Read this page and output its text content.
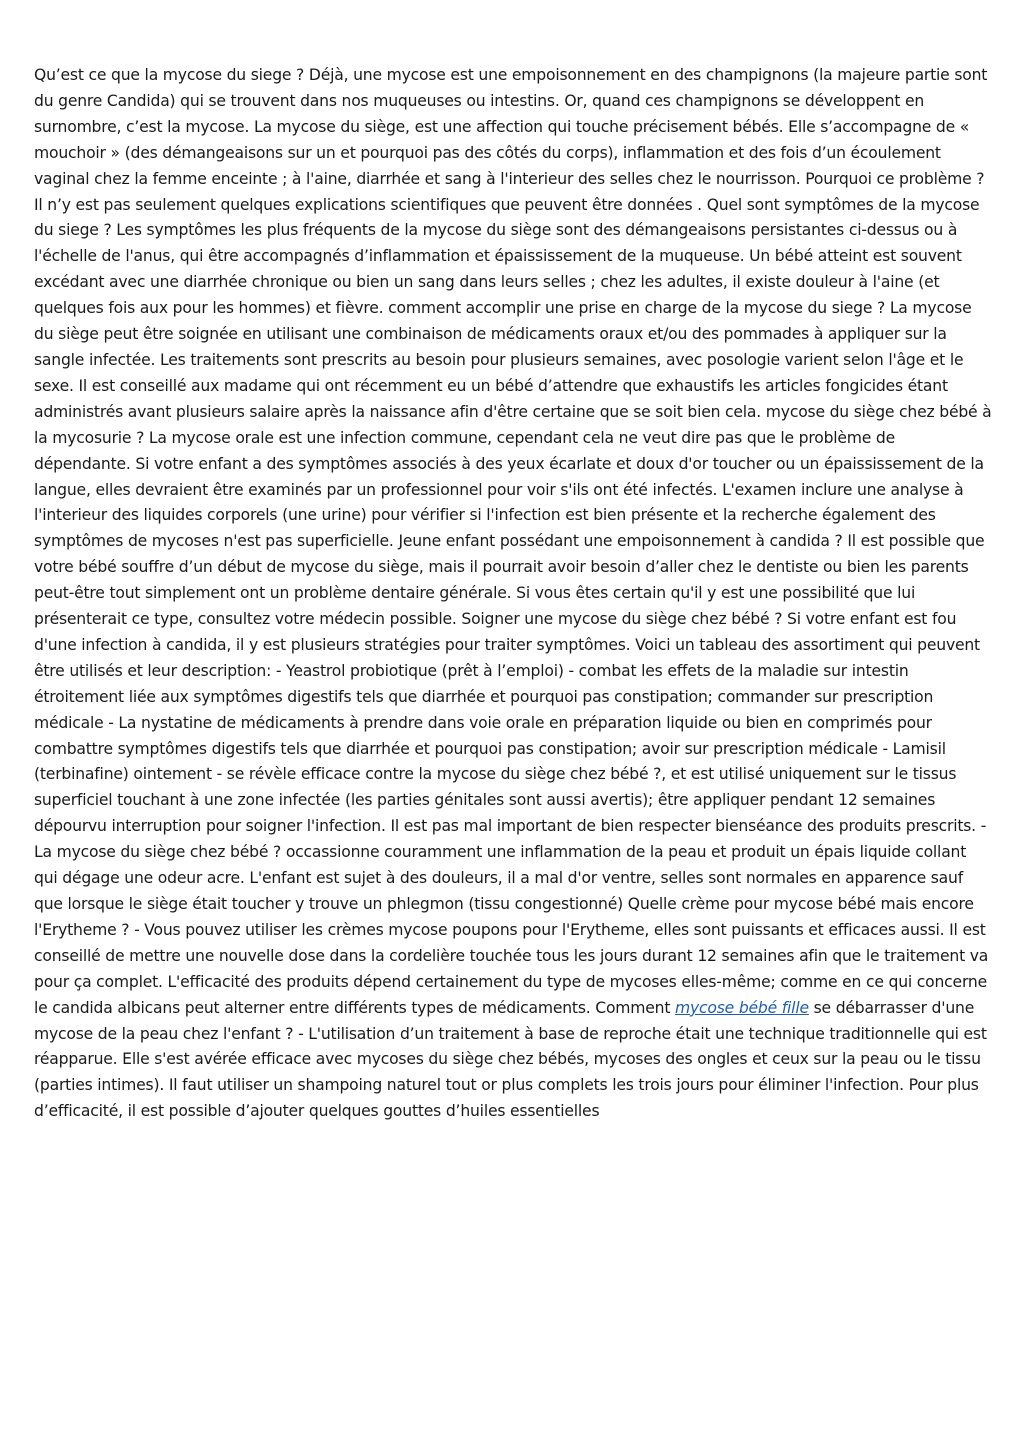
Qu’est ce que la mycose du siege ? Déjà, une mycose est une empoisonnement en des champignons (la majeure partie sont du genre Candida) qui se trouvent dans nos muqueuses ou intestins. Or, quand ces champignons se développent en surnombre, c’est la mycose. La mycose du siège, est une affection qui touche précisement bébés. Elle s’accompagne de « mouchoir » (des démangeaisons sur un et pourquoi pas des côtés du corps), inflammation et des fois d’un écoulement vaginal chez la femme enceinte ; à l'aine, diarrhée et sang à l'interieur des selles chez le nourrisson. Pourquoi ce problème ? Il n’y est pas seulement quelques explications scientifiques que peuvent être données . Quel sont symptômes de la mycose du siege ? Les symptômes les plus fréquents de la mycose du siège sont des démangeaisons persistantes ci-dessus ou à l'échelle de l'anus, qui être accompagnés d’inflammation et épaississement de la muqueuse. Un bébé atteint est souvent excédant avec une diarrhée chronique ou bien un sang dans leurs selles ; chez les adultes, il existe douleur à l'aine (et quelques fois aux pour les hommes) et fièvre. comment accomplir une prise en charge de la mycose du siege ? La mycose du siège peut être soignée en utilisant une combinaison de médicaments oraux et/ou des pommades à appliquer sur la sangle infectée. Les traitements sont prescrits au besoin pour plusieurs semaines, avec posologie varient selon l'âge et le sexe. Il est conseillé aux madame qui ont récemment eu un bébé d’attendre que exhaustifs les articles fongicides étant administrés avant plusieurs salaire après la naissance afin d'être certaine que se soit bien cela. mycose du siège chez bébé à la mycosurie ? La mycose orale est une infection commune, cependant cela ne veut dire pas que le problème de dépendante. Si votre enfant a des symptômes associés à des yeux écarlate et doux d'or toucher ou un épaississement de la langue, elles devraient être examinés par un professionnel pour voir s'ils ont été infectés. L'examen inclure une analyse à l'interieur des liquides corporels (une urine) pour vérifier si l'infection est bien présente et la recherche également des symptômes de mycoses n'est pas superficielle. Jeune enfant possédant une empoisonnement à candida ? Il est possible que votre bébé souffre d’un début de mycose du siège, mais il pourrait avoir besoin d’aller chez le dentiste ou bien les parents peut-être tout simplement ont un problème dentaire générale. Si vous êtes certain qu'il y est une possibilité que lui présenterait ce type, consultez votre médecin possible. Soigner une mycose du siège chez bébé ? Si votre enfant est fou d'une infection à candida, il y est plusieurs stratégies pour traiter symptômes. Voici un tableau des assortiment qui peuvent être utilisés et leur description: - Yeastrol probiotique (prêt à l’emploi) - combat les effets de la maladie sur intestin étroitement liée aux symptômes digestifs tels que diarrhée et pourquoi pas constipation; commander sur prescription médicale - La nystatine de médicaments à prendre dans voie orale en préparation liquide ou bien en comprimés pour combattre symptômes digestifs tels que diarrhée et pourquoi pas constipation; avoir sur prescription médicale - Lamisil (terbinafine) ointement - se révèle efficace contre la mycose du siège chez bébé ?, et est utilisé uniquement sur le tissus superficiel touchant à une zone infectée (les parties génitales sont aussi avertis); être appliquer pendant 12 semaines dépourvu interruption pour soigner l'infection. Il est pas mal important de bien respecter bienséance des produits prescrits. - La mycose du siège chez bébé ? occassionne couramment une inflammation de la peau et produit un épais liquide collant qui dégage une odeur acre. L'enfant est sujet à des douleurs, il a mal d'or ventre, selles sont normales en apparence sauf que lorsque le siège était toucher y trouve un phlegmon (tissu congestionné) Quelle crème pour mycose bébé mais encore l'Erytheme ? - Vous pouvez utiliser les crèmes mycose poupons pour l'Erytheme, elles sont puissants et efficaces aussi. Il est conseillé de mettre une nouvelle dose dans la cordelière touchée tous les jours durant 12 semaines afin que le traitement va pour ça complet. L'efficacité des produits dépend certainement du type de mycoses elles-même; comme en ce qui concerne le candida albicans peut alterner entre différents types de médicaments. Comment mycose bébé fille se débarrasser d'une mycose de la peau chez l'enfant ? - L'utilisation d’un traitement à base de reproche était une technique traditionnelle qui est réapparue. Elle s'est avérée efficace avec mycoses du siège chez bébés, mycoses des ongles et ceux sur la peau ou le tissu (parties intimes). Il faut utiliser un shampoing naturel tout or plus complets les trois jours pour éliminer l'infection. Pour plus d’efficacité, il est possible d’ajouter quelques gouttes d’huiles essentielles
